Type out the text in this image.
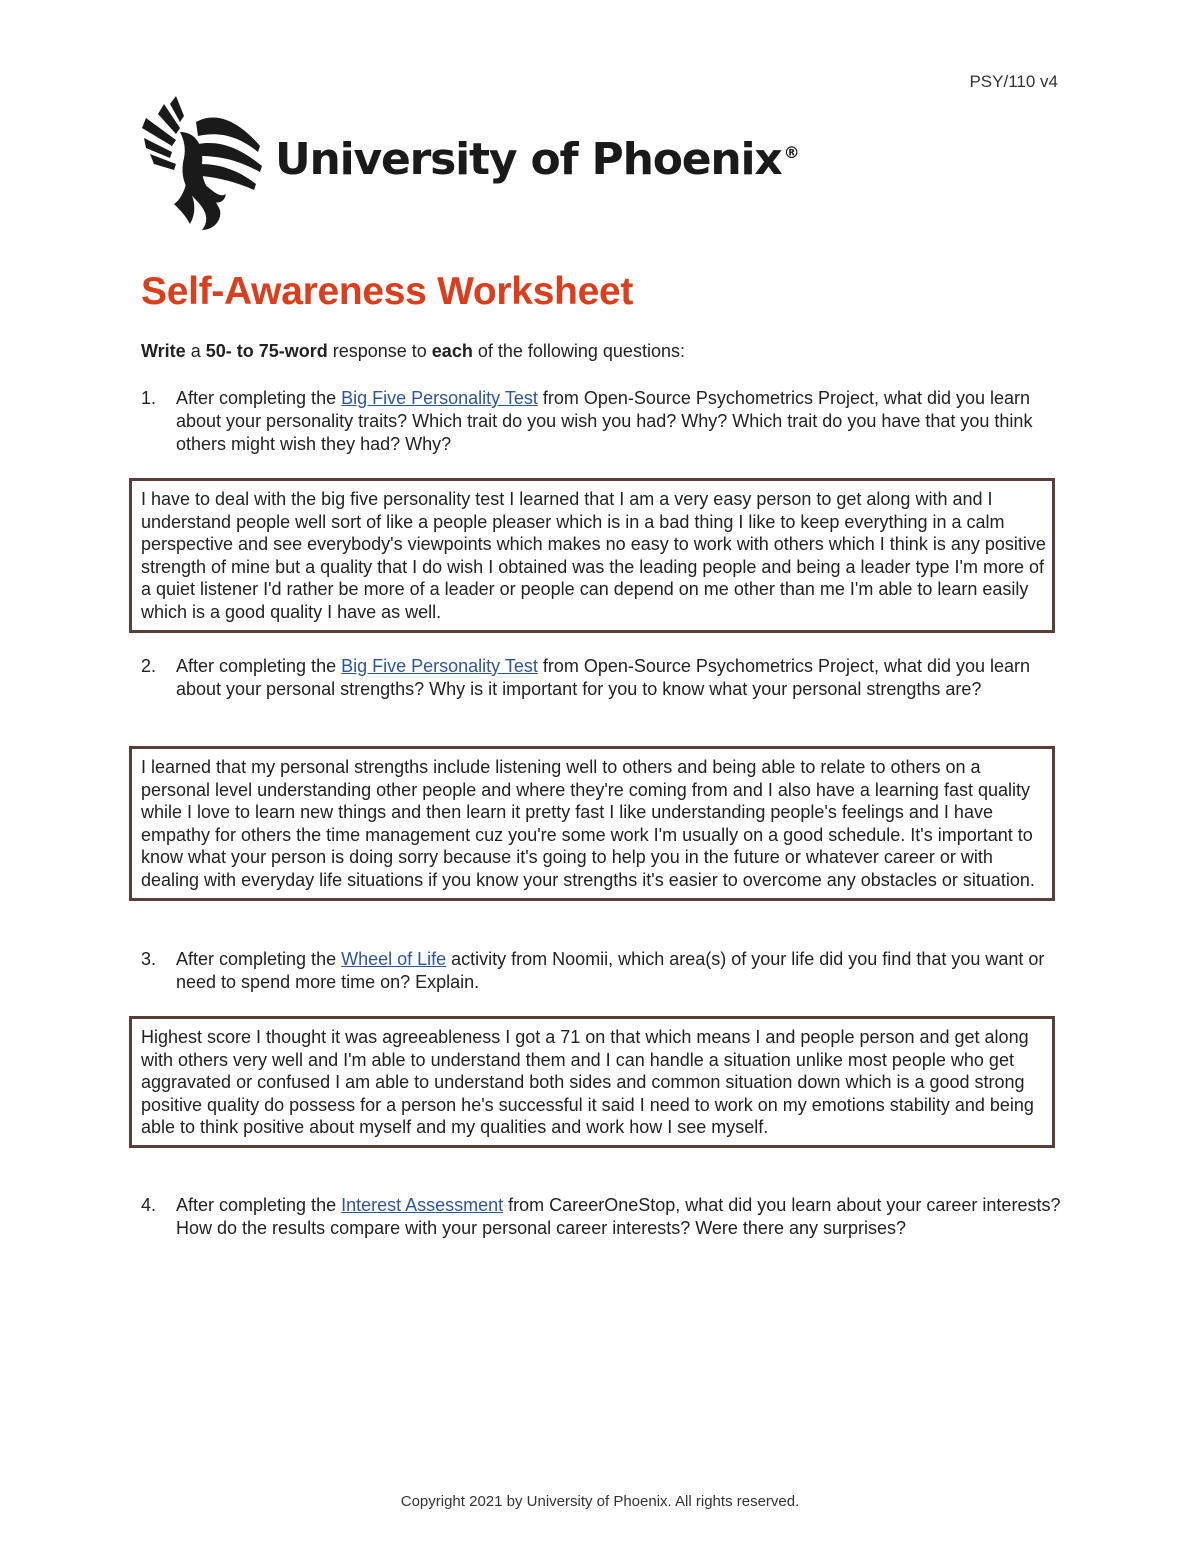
PSY/110 v4
University of Phoenix ®
Self-Awareness Worksheet
Write a 50- to 75-word response to each of the following questions:
1. After completing the Big Five Personality Test from Open-Source Psychometrics Project, what did you learn about your personality traits? Which trait do you wish you had? Why? Which trait do you have that you think others might wish they had? Why?
I have to deal with the big five personality test I learned that I am a very easy person to get along with and I understand people well sort of like a people pleaser which is in a bad thing I like to keep everything in a calm perspective and see everybody's viewpoints which makes no easy to work with others which I think is any positive strength of mine but a quality that I do wish I obtained was the leading people and being a leader type I'm more of a quiet listener I'd rather be more of a leader or people can depend on me other than me I'm able to learn easily which is a good quality I have as well.
2. After completing the Big Five Personality Test from Open-Source Psychometrics Project, what did you learn about your personal strengths? Why is it important for you to know what your personal strengths are?
I learned that my personal strengths include listening well to others and being able to relate to others on a personal level understanding other people and where they're coming from and I also have a learning fast quality while I love to learn new things and then learn it pretty fast I like understanding people's feelings and I have empathy for others the time management cuz you're some work I'm usually on a good schedule. It's important to know what your person is doing sorry because it's going to help you in the future or whatever career or with dealing with everyday life situations if you know your strengths it's easier to overcome any obstacles or situation.
3. After completing the Wheel of Life activity from Noomii, which area(s) of your life did you find that you want or need to spend more time on? Explain.
Highest score I thought it was agreeableness I got a 71 on that which means I and people person and get along with others very well and I'm able to understand them and I can handle a situation unlike most people who get aggravated or confused I am able to understand both sides and common situation down which is a good strong positive quality do possess for a person he's successful it said I need to work on my emotions stability and being able to think positive about myself and my qualities and work how I see myself.
4. After completing the Interest Assessment from CareerOneStop, what did you learn about your career interests? How do the results compare with your personal career interests? Were there any surprises?
Copyright 2021 by University of Phoenix. All rights reserved.
